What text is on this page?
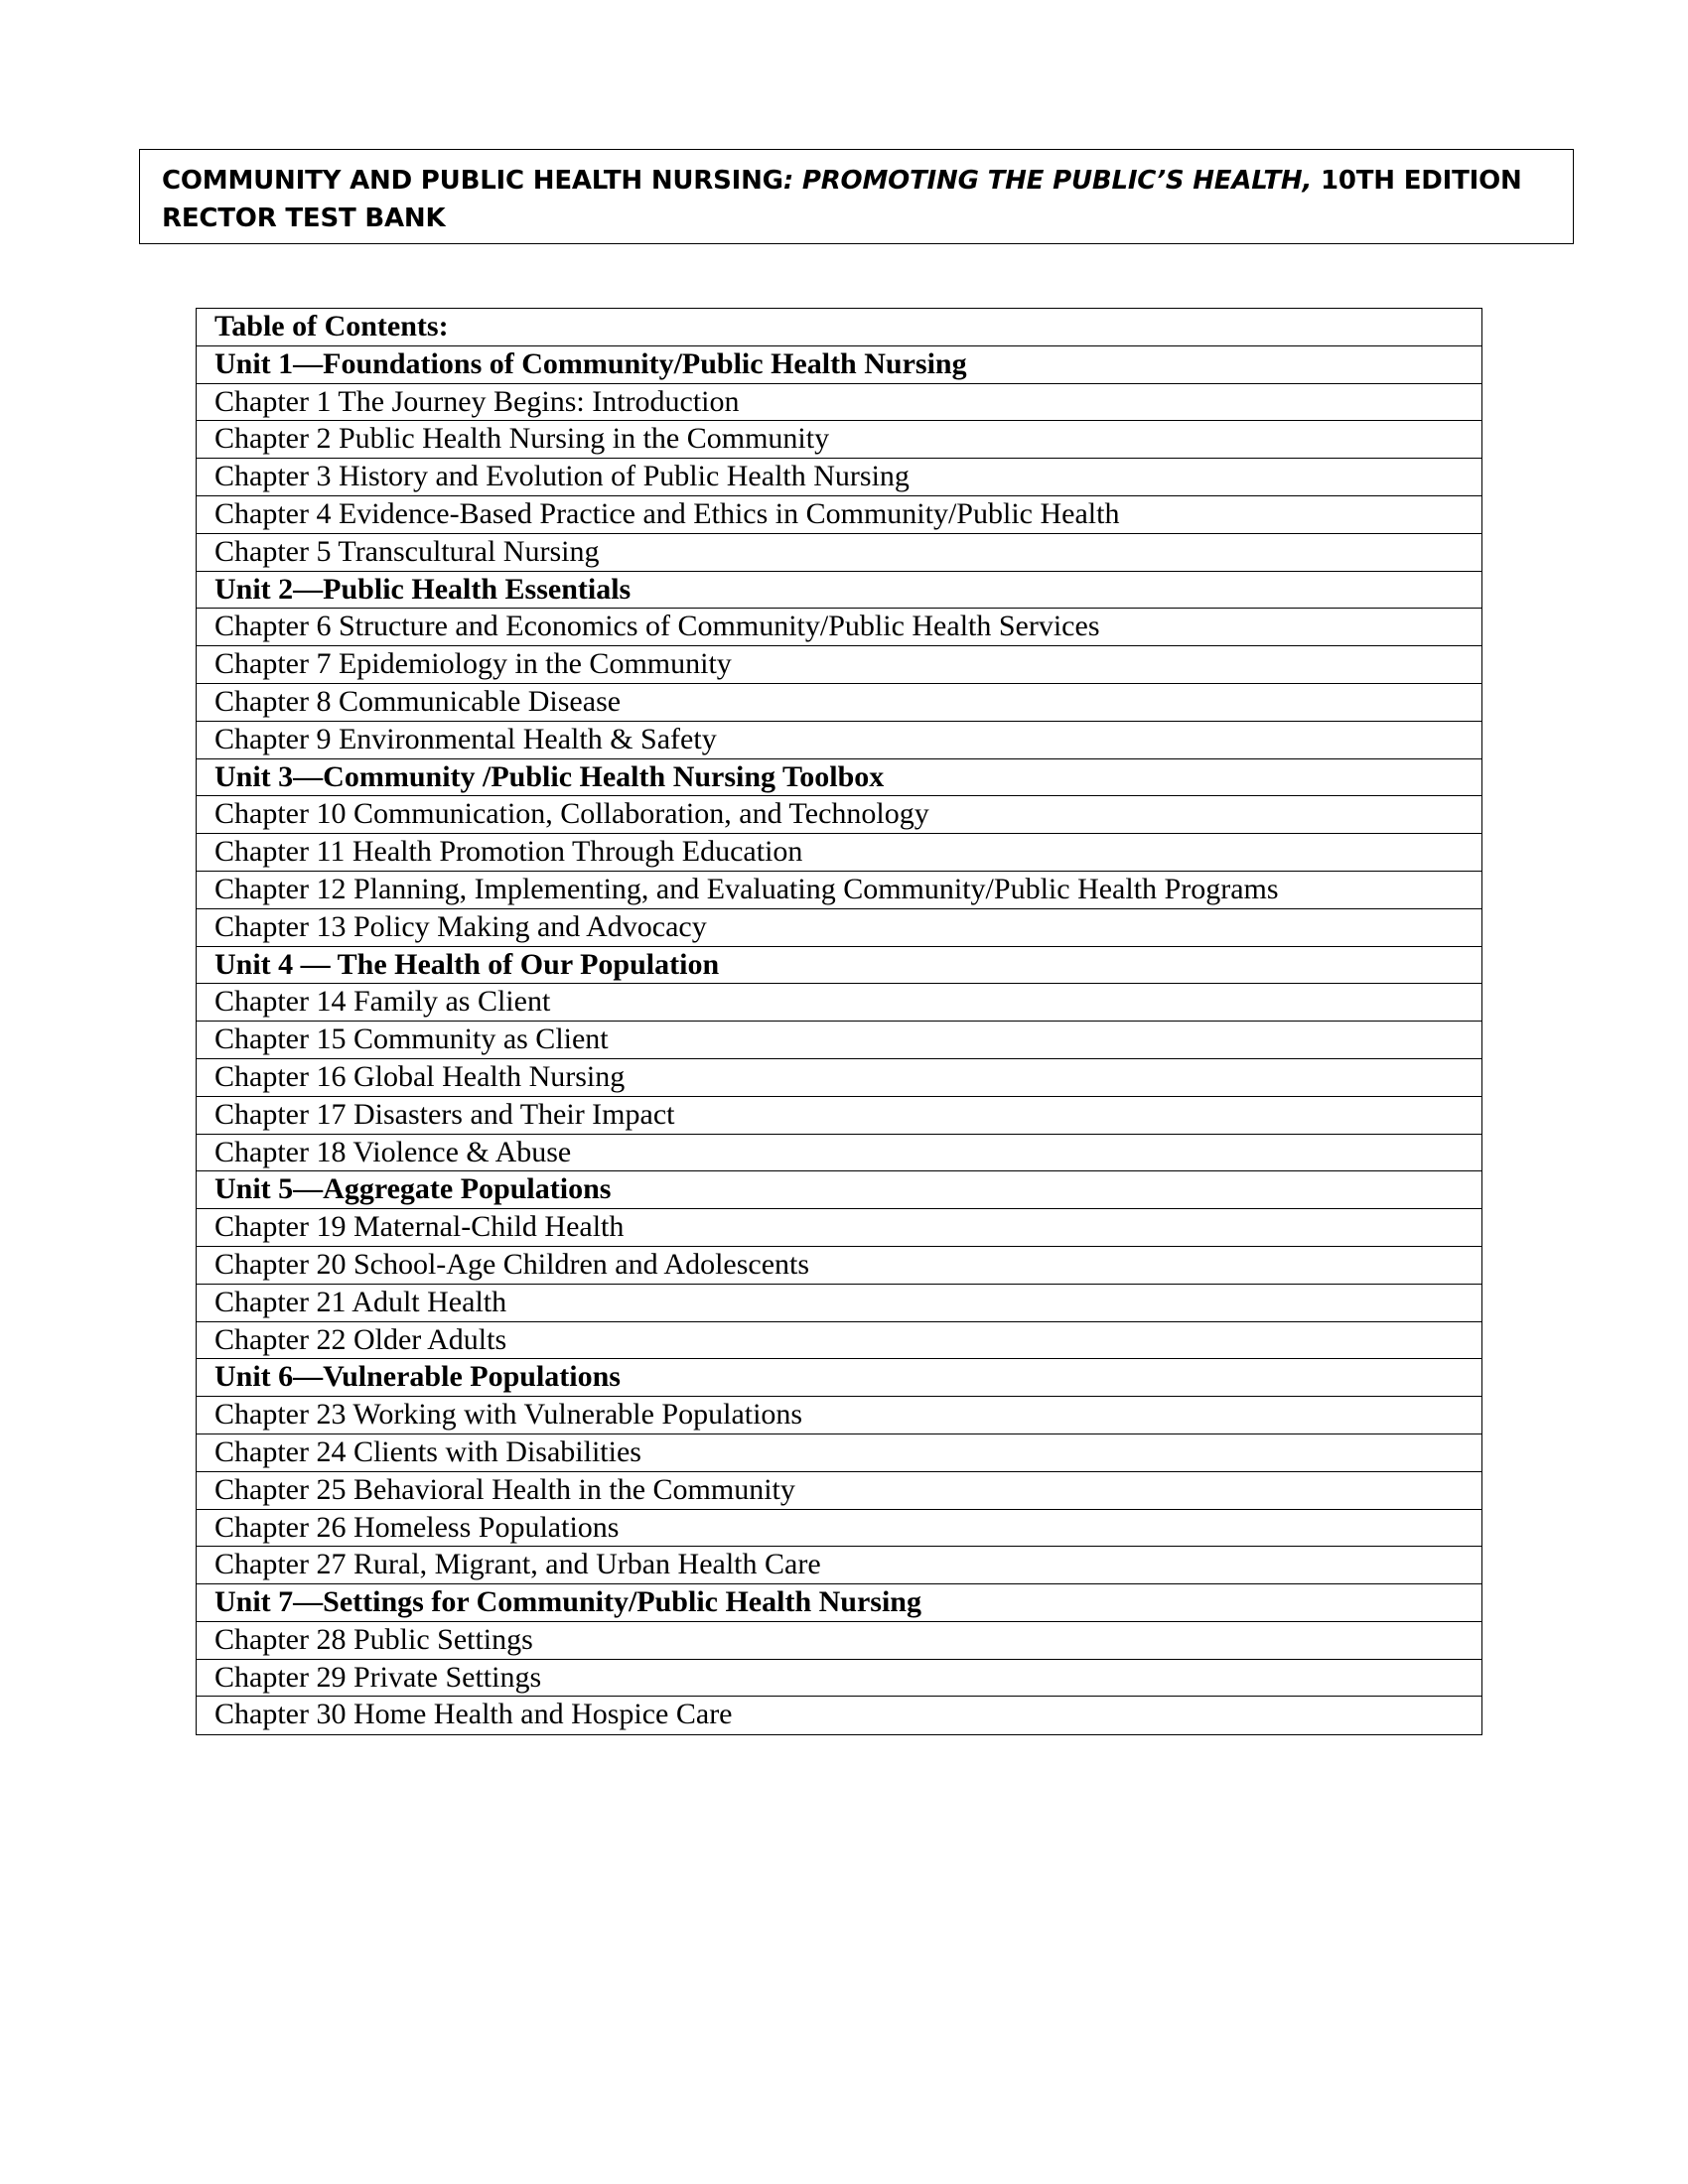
COMMUNITY AND PUBLIC HEALTH NURSING: PROMOTING THE PUBLIC’S HEALTH, 10TH EDITION
RECTOR TEST BANK
Table of Contents:
Unit 1—Foundations of Community/Public Health Nursing
Chapter 1 The Journey Begins: Introduction
Chapter 2 Public Health Nursing in the Community
Chapter 3 History and Evolution of Public Health Nursing
Chapter 4 Evidence-Based Practice and Ethics in Community/Public Health
Chapter 5 Transcultural Nursing
Unit 2—Public Health Essentials
Chapter 6 Structure and Economics of Community/Public Health Services
Chapter 7 Epidemiology in the Community
Chapter 8 Communicable Disease
Chapter 9 Environmental Health & Safety
Unit 3—Community /Public Health Nursing Toolbox
Chapter 10 Communication, Collaboration, and Technology
Chapter 11 Health Promotion Through Education
Chapter 12 Planning, Implementing, and Evaluating Community/Public Health Programs
Chapter 13 Policy Making and Advocacy
Unit 4 — The Health of Our Population
Chapter 14 Family as Client
Chapter 15 Community as Client
Chapter 16 Global Health Nursing
Chapter 17 Disasters and Their Impact
Chapter 18 Violence & Abuse
Unit 5—Aggregate Populations
Chapter 19 Maternal-Child Health
Chapter 20 School-Age Children and Adolescents
Chapter 21 Adult Health
Chapter 22 Older Adults
Unit 6—Vulnerable Populations
Chapter 23 Working with Vulnerable Populations
Chapter 24 Clients with Disabilities
Chapter 25 Behavioral Health in the Community
Chapter 26 Homeless Populations
Chapter 27 Rural, Migrant, and Urban Health Care
Unit 7—Settings for Community/Public Health Nursing
Chapter 28 Public Settings
Chapter 29 Private Settings
Chapter 30 Home Health and Hospice Care
